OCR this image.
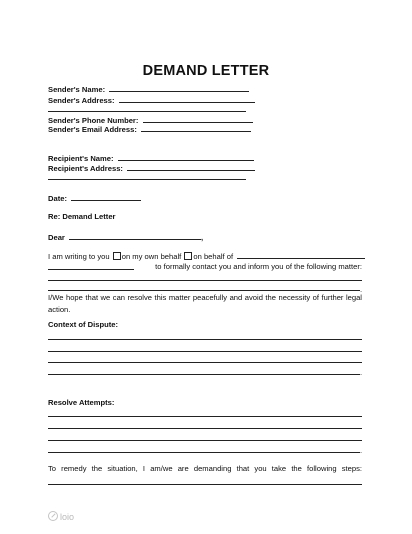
DEMAND LETTER
Sender's Name:
Sender's Address:
Sender's Phone Number:
Sender's Email Address:
Recipient's Name:
Recipient's Address:
Date:
Re: Demand Letter
Dear	,
I am writing to you on my own behalf on behalf of
to formally contact you and inform you of the following matter:
.
I/We hope that we can resolve this matter peacefully and avoid the necessity of further legal action.
Context of Dispute:
.
Resolve Attempts:
.
To remedy the situation, I am/we are demanding that you take the following steps:
loio
